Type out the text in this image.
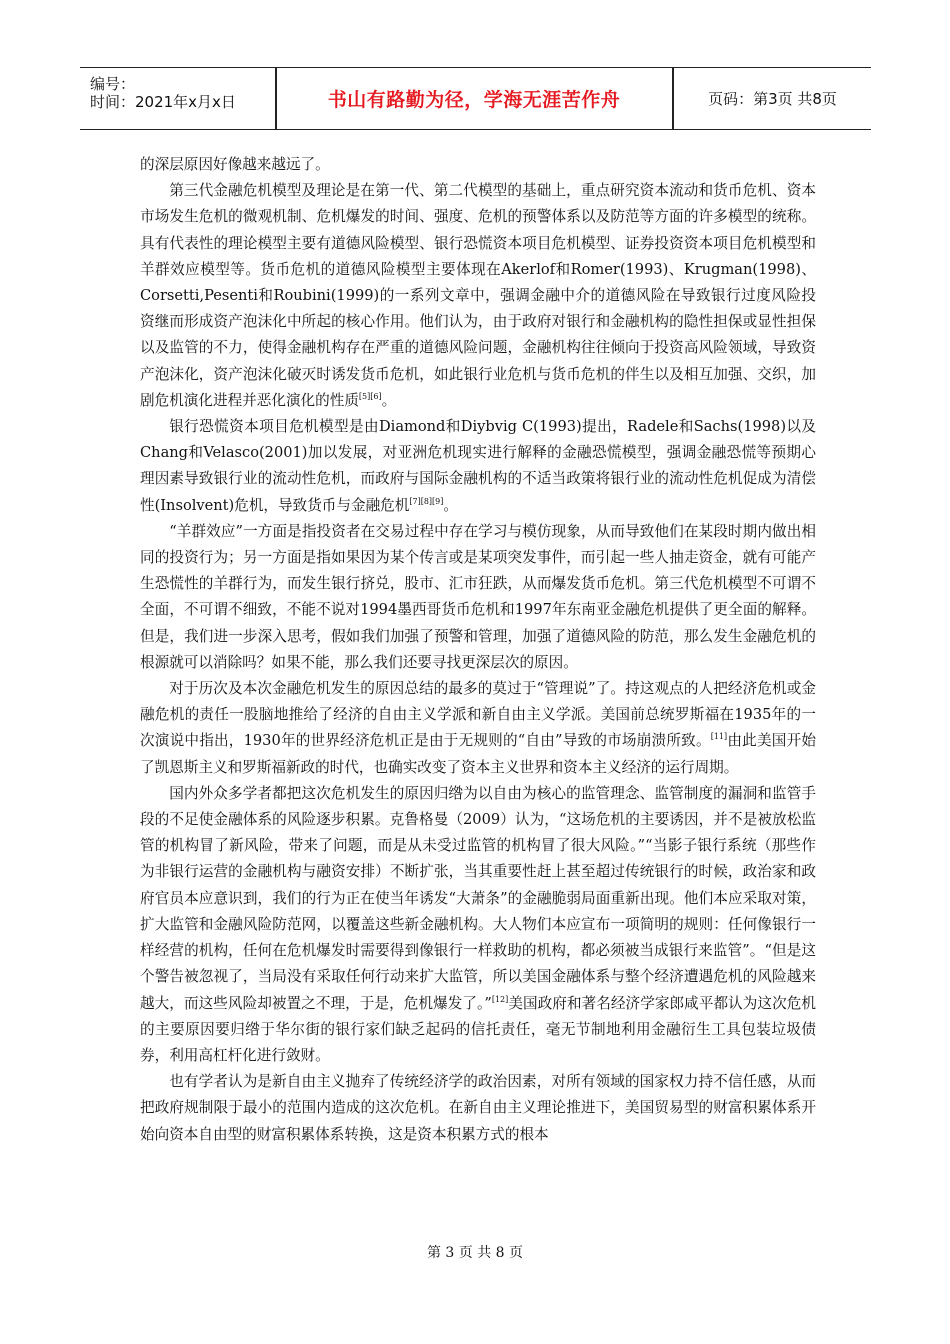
编号：
时间：2021年x月x日	书山有路勤为径，学海无涯苦作舟	页码：第3页 共8页

的深层原因好像越来越远了。

第三代金融危机模型及理论是在第一代、第二代模型的基础上，重点研究资本流动和货币危机、资本市场发生危机的微观机制、危机爆发的时间、强度、危机的预警体系以及防范等方面的许多模型的统称。具有代表性的理论模型主要有道德风险模型、银行恐慌资本项目危机模型、证券投资资本项目危机模型和羊群效应模型等。货币危机的道德风险模型主要体现在Akerlof和Romer(1993)、Krugman(1998)、Corsetti,Pesenti和Roubini(1999)的一系列文章中，强调金融中介的道德风险在导致银行过度风险投资继而形成资产泡沫化中所起的核心作用。他们认为，由于政府对银行和金融机构的隐性担保或显性担保以及监管的不力，使得金融机构存在严重的道德风险问题，金融机构往往倾向于投资高风险领域，导致资产泡沫化，资产泡沫化破灭时诱发货币危机，如此银行业危机与货币危机的伴生以及相互加强、交织，加剧危机演化进程并恶化演化的性质[5][6]。

银行恐慌资本项目危机模型是由Diamond和Diybvig C(1993)提出，Radele和Sachs(1998)以及Chang和Velasco(2001)加以发展，对亚洲危机现实进行解释的金融恐慌模型，强调金融恐慌等预期心理因素导致银行业的流动性危机，而政府与国际金融机构的不适当政策将银行业的流动性危机促成为清偿性(Insolvent)危机，导致货币与金融危机[7][8][9]。

“羊群效应”一方面是指投资者在交易过程中存在学习与模仿现象，从而导致他们在某段时期内做出相同的投资行为；另一方面是指如果因为某个传言或是某项突发事件，而引起一些人抽走资金，就有可能产生恐慌性的羊群行为，而发生银行挤兑，股市、汇市狂跌，从而爆发货币危机。第三代危机模型不可谓不全面，不可谓不细致，不能不说对1994墨西哥货币危机和1997年东南亚金融危机提供了更全面的解释。但是，我们进一步深入思考，假如我们加强了预警和管理，加强了道德风险的防范，那么发生金融危机的根源就可以消除吗？如果不能，那么我们还要寻找更深层次的原因。

对于历次及本次金融危机发生的原因总结的最多的莫过于“管理说”了。持这观点的人把经济危机或金融危机的责任一股脑地推给了经济的自由主义学派和新自由主义学派。美国前总统罗斯福在1935年的一次演说中指出，1930年的世界经济危机正是由于无规则的“自由”导致的市场崩溃所致。[11]由此美国开始了凯恩斯主义和罗斯福新政的时代，也确实改变了资本主义世界和资本主义经济的运行周期。

国内外众多学者都把这次危机发生的原因归绺为以自由为核心的监管理念、监管制度的漏洞和监管手段的不足使金融体系的风险逐步积累。克鲁格曼（2009）认为，“这场危机的主要诱因，并不是被放松监管的机构冒了新风险，带来了问题，而是从未受过监管的机构冒了很大风险。”“当影子银行系统（那些作为非银行运营的金融机构与融资安排）不断扩张，当其重要性赶上甚至超过传统银行的时候，政治家和政府官员本应意识到，我们的行为正在使当年诱发“大萧条”的金融脆弱局面重新出现。他们本应采取对策，扩大监管和金融风险防范网，以覆盖这些新金融机构。大人物们本应宣布一项简明的规则：任何像银行一样经营的机构，任何在危机爆发时需要得到像银行一样救助的机构，都必须被当成银行来监管”。“但是这个警告被忽视了，当局没有采取任何行动来扩大监管，所以美国金融体系与整个经济遭遇危机的风险越来越大，而这些风险却被置之不理，于是，危机爆发了。”[12]美国政府和著名经济学家郎咸平都认为这次危机的主要原因要归绺于华尔街的银行家们缺乏起码的信托责任，毫无节制地利用金融衍生工具包装垃圾债券，利用高杠杆化进行敛财。

也有学者认为是新自由主义抛弃了传统经济学的政治因素，对所有领域的国家权力持不信任感，从而把政府规制限于最小的范围内造成的这次危机。在新自由主义理论推进下，美国贸易型的财富积累体系开始向资本自由型的财富积累体系转换，这是资本积累方式的根本

第 3 页 共 8 页
